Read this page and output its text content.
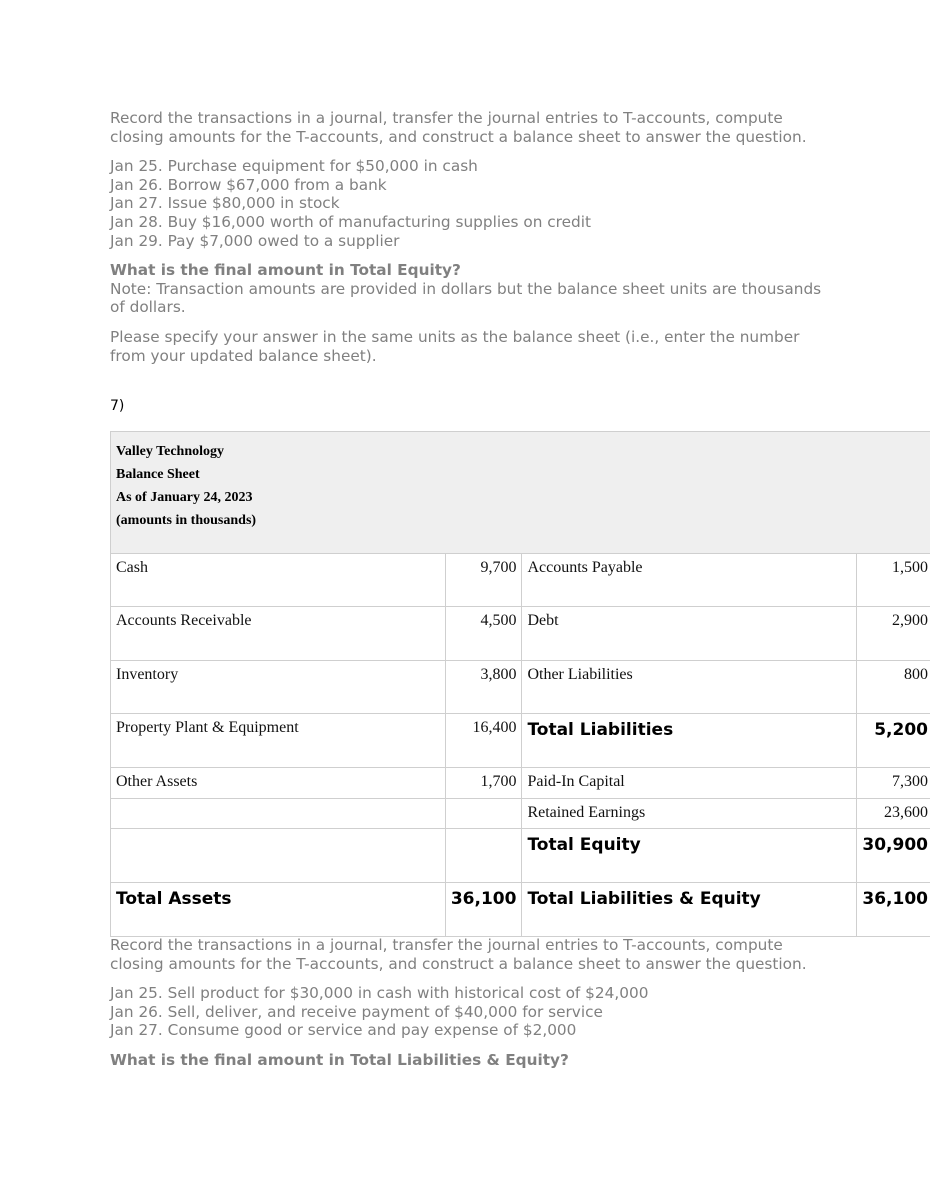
Record the transactions in a journal, transfer the journal entries to T-accounts, compute closing amounts for the T-accounts, and construct a balance sheet to answer the question.

Jan 25. Purchase equipment for $50,000 in cash

Jan 26. Borrow $67,000 from a bank

Jan 27. Issue $80,000 in stock

Jan 28. Buy $16,000 worth of manufacturing supplies on credit

Jan 29. Pay $7,000 owed to a supplier

What is the final amount in Total Equity?

Note: Transaction amounts are provided in dollars but the balance sheet units are thousands of dollars.

Please specify your answer in the same units as the balance sheet (i.e., enter the number from your updated balance sheet).

7)
Valley Technology
Balance Sheet
As of January 24, 2023
(amounts in thousands)			

Cash	9,700	Accounts Payable	1,500
Accounts Receivable	4,500	Debt	2,900
Inventory	3,800	Other Liabilities	800
Property Plant & Equipment	16,400	Total Liabilities	5,200
Other Assets	1,700	Paid-In Capital	7,300
		Retained Earnings	23,600
		Total Equity	30,900
Total Assets	36,100	Total Liabilities & Equity	36,100

Record the transactions in a journal, transfer the journal entries to T-accounts, compute closing amounts for the T-accounts, and construct a balance sheet to answer the question.

Jan 25. Sell product for $30,000 in cash with historical cost of $24,000

Jan 26. Sell, deliver, and receive payment of $40,000 for service

Jan 27. Consume good or service and pay expense of $2,000

What is the final amount in Total Liabilities & Equity?
